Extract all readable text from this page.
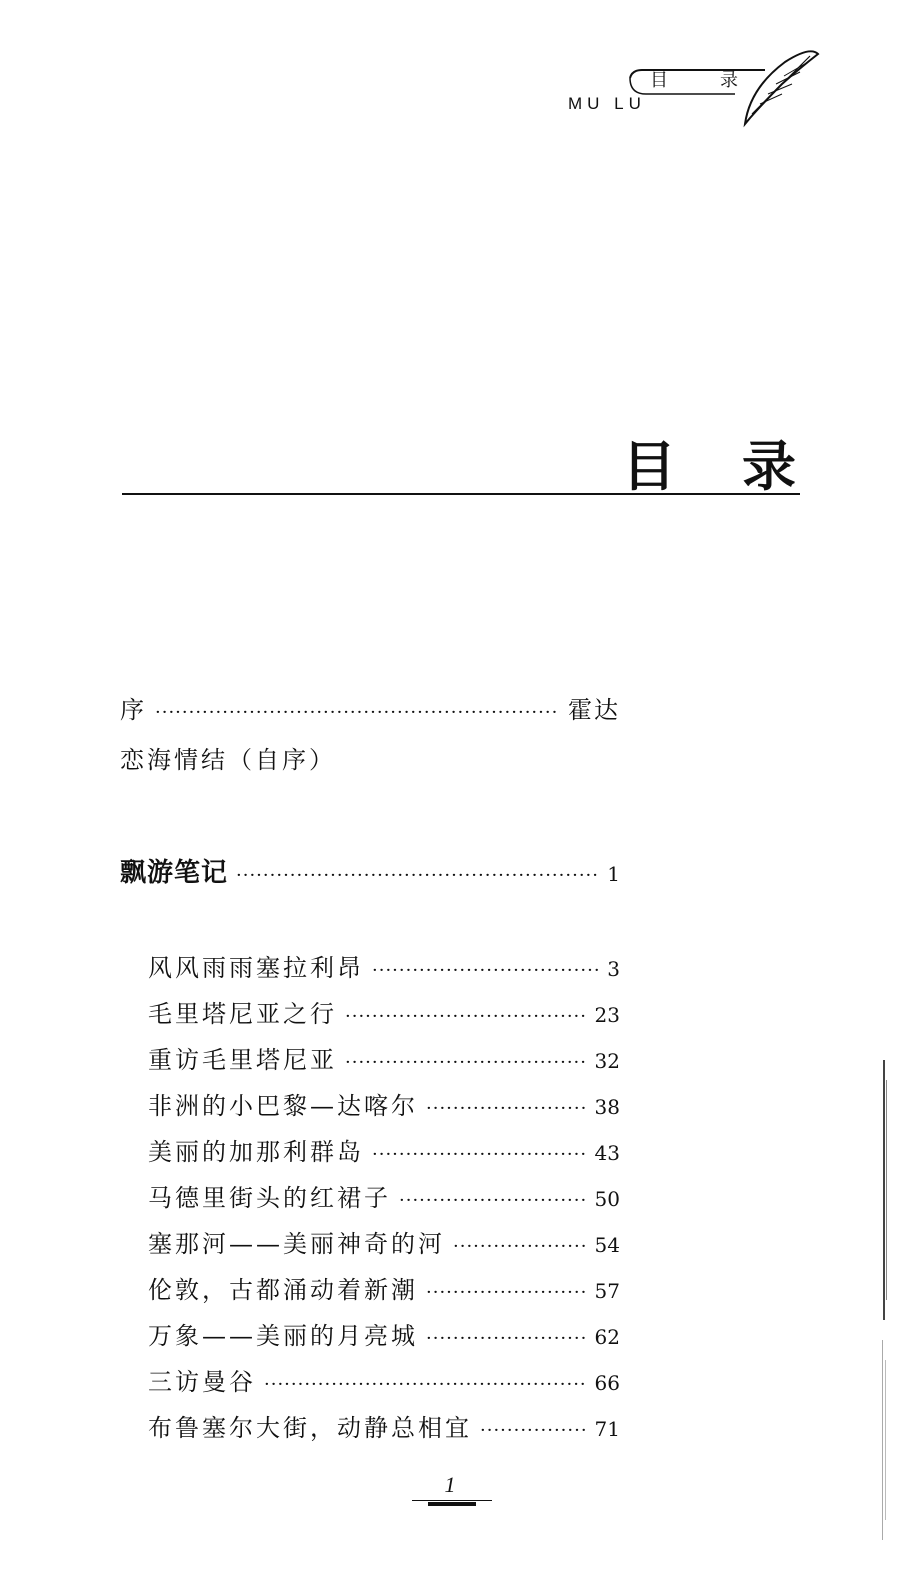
目	录
MU LU
目 录
序 ·····	霍达
恋海情结（自序）
飘游笔记 ·····	1
风风雨雨塞拉利昂 ·····	3
毛里塔尼亚之行 ·····	23
重访毛里塔尼亚 ·····	32
非洲的小巴黎—达喀尔 ·····	38
美丽的加那利群岛 ·····	43
马德里街头的红裙子 ·····	50
塞那河——美丽神奇的河 ·····	54
伦敦，古都涌动着新潮 ·····	57
万象——美丽的月亮城 ·····	62
三访曼谷 ·····	66
布鲁塞尔大街，动静总相宜 ·····	71
1
